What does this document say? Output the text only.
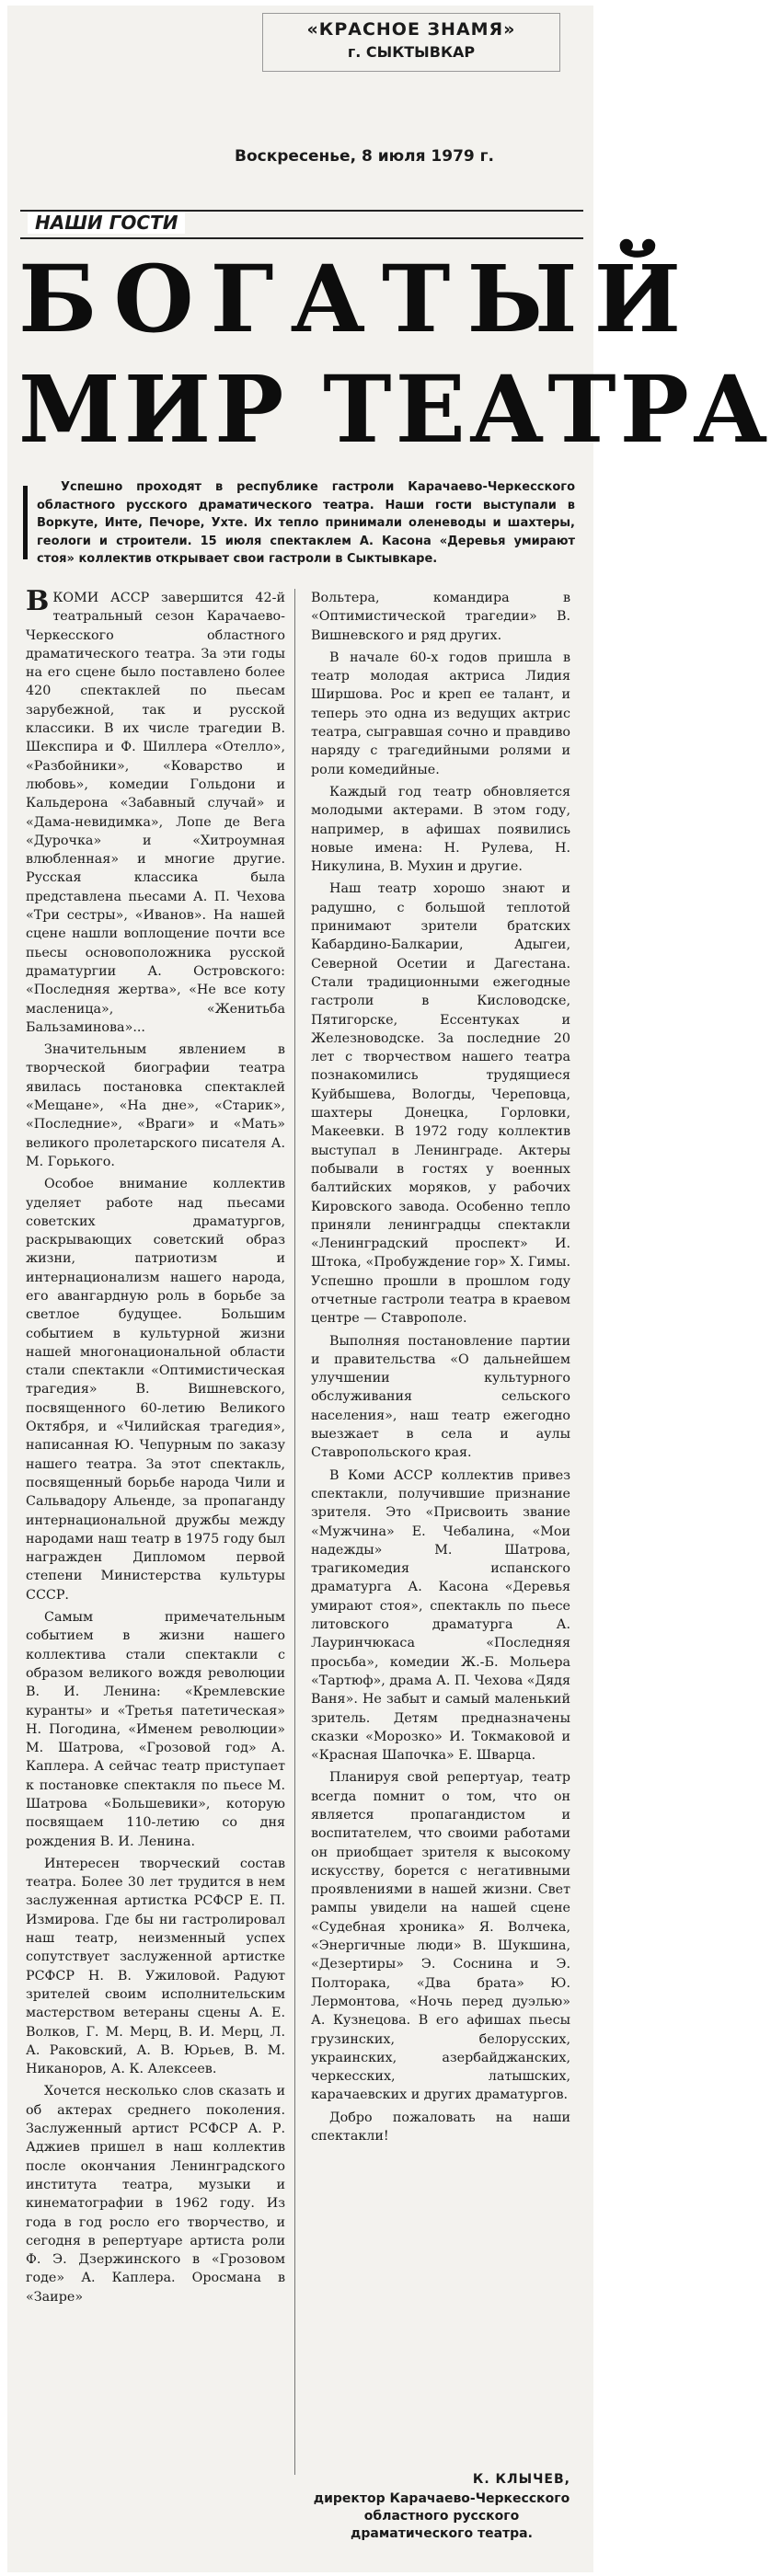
«КРАСНОЕ ЗНАМЯ»
г. СЫКТЫВКАР
Воскресенье, 8 июля 1979 г.
НАШИ ГОСТИ
БОГАТЫЙ
МИР ТЕАТРА
Успешно проходят в республике гастроли Карачаево-Черкесского областного русского драматического театра. Наши гости выступали в Воркуте, Инте, Печоре, Ухте. Их тепло принимали оленеводы и шахтеры, геологи и строители. 15 июля спектаклем А. Касона «Деревья умирают стоя» коллектив открывает свои гастроли в Сыктывкаре.

В КОМИ АССР завершится 42-й театральный сезон Карачаево-Черкесского областного драматического театра. За эти годы на его сцене было поставлено более 420 спектаклей по пьесам зарубежной, так и русской классики. В их числе трагедии В. Шекспира и Ф. Шиллера «Отелло», «Разбойники», «Коварство и любовь», комедии Гольдони и Кальдерона «Забавный случай» и «Дама-невидимка», Лопе де Вега «Дурочка» и «Хитроумная влюбленная» и многие другие. Русская классика была представлена пьесами А. П. Чехова «Три сестры», «Иванов». На нашей сцене нашли воплощение почти все пьесы основоположника русской драматургии А. Островского: «Последняя жертва», «Не все коту масленица», «Женитьба Бальзаминова»...

Значительным явлением в творческой биографии театра явилась постановка спектаклей «Мещане», «На дне», «Старик», «Последние», «Враги» и «Мать» великого пролетарского писателя А. М. Горького.

Особое внимание коллектив уделяет работе над пьесами советских драматургов, раскрывающих советский образ жизни, патриотизм и интернационализм нашего народа, его авангардную роль в борьбе за светлое будущее. Большим событием в культурной жизни нашей многонациональной области стали спектакли «Оптимистическая трагедия» В. Вишневского, посвященного 60-летию Великого Октября, и «Чилийская трагедия», написанная Ю. Чепурным по заказу нашего театра. За этот спектакль, посвященный борьбе народа Чили и Сальвадору Альенде, за пропаганду интернациональной дружбы между народами наш театр в 1975 году был награжден Дипломом первой степени Министерства культуры СССР.

Самым примечательным событием в жизни нашего коллектива стали спектакли с образом великого вождя революции В. И. Ленина: «Кремлевские куранты» и «Третья патетическая» Н. Погодина, «Именем революции» М. Шатрова, «Грозовой год» А. Каплера. А сейчас театр приступает к постановке спектакля по пьесе М. Шатрова «Большевики», которую посвящаем 110-летию со дня рождения В. И. Ленина.

Интересен творческий состав театра. Более 30 лет трудится в нем заслуженная артистка РСФСР Е. П. Измирова. Где бы ни гастролировал наш театр, неизменный успех сопутствует заслуженной артистке РСФСР Н. В. Ужиловой. Радуют зрителей своим исполнительским мастерством ветераны сцены А. Е. Волков, Г. М. Мерц, В. И. Мерц, Л. А. Раковский, А. В. Юрьев, В. М. Никаноров, А. К. Алексеев.

Хочется несколько слов сказать и об актерах среднего поколения. Заслуженный артист РСФСР А. Р. Аджиев пришел в наш коллектив после окончания Ленинградского института театра, музыки и кинематографии в 1962 году. Из года в год росло его творчество, и сегодня в репертуаре артиста роли Ф. Э. Дзержинского в «Грозовом годе» А. Каплера. Оросмана в «Заире»

Вольтера, командира в «Оптимистической трагедии» В. Вишневского и ряд других.

В начале 60-х годов пришла в театр молодая актриса Лидия Ширшова. Рос и креп ее талант, и теперь это одна из ведущих актрис театра, сыгравшая сочно и правдиво наряду с трагедийными ролями и роли комедийные.

Каждый год театр обновляется молодыми актерами. В этом году, например, в афишах появились новые имена: Н. Рулева, Н. Никулина, В. Мухин и другие.

Наш театр хорошо знают и радушно, с большой теплотой принимают зрители братских Кабардино-Балкарии, Адыгеи, Северной Осетии и Дагестана. Стали традиционными ежегодные гастроли в Кисловодске, Пятигорске, Ессентуках и Железноводске. За последние 20 лет с творчеством нашего театра познакомились трудящиеся Куйбышева, Вологды, Череповца, шахтеры Донецка, Горловки, Макеевки. В 1972 году коллектив выступал в Ленинграде. Актеры побывали в гостях у военных балтийских моряков, у рабочих Кировского завода. Особенно тепло приняли ленинградцы спектакли «Ленинградский проспект» И. Штока, «Пробуждение гор» Х. Гимы. Успешно прошли в прошлом году отчетные гастроли театра в краевом центре — Ставрополе.

Выполняя постановление партии и правительства «О дальнейшем улучшении культурного обслуживания сельского населения», наш театр ежегодно выезжает в села и аулы Ставропольского края.

В Коми АССР коллектив привез спектакли, получившие признание зрителя. Это «Присвоить звание «Мужчина» Е. Чебалина, «Мои надежды» М. Шатрова, трагикомедия испанского драматурга А. Касона «Деревья умирают стоя», спектакль по пьесе литовского драматурга А. Лауринчюкаса «Последняя просьба», комедии Ж.-Б. Мольера «Тартюф», драма А. П. Чехова «Дядя Ваня». Не забыт и самый маленький зритель. Детям предназначены сказки «Морозко» И. Токмаковой и «Красная Шапочка» Е. Шварца.

Планируя свой репертуар, театр всегда помнит о том, что он является пропагандистом и воспитателем, что своими работами он приобщает зрителя к высокому искусству, борется с негативными проявлениями в нашей жизни. Свет рампы увидели на нашей сцене «Судебная хроника» Я. Волчека, «Энергичные люди» В. Шукшина, «Дезертиры» Э. Соснина и Э. Полторака, «Два брата» Ю. Лермонтова, «Ночь перед дуэлью» А. Кузнецова. В его афишах пьесы грузинских, белорусских, украинских, азербайджанских, черкесских, латышских, карачаевских и других драматургов.

Добро пожаловать на наши спектакли!

К. КЛЫЧЕВ,
директор Карачаево-Черкесского областного русского драматического театра.
